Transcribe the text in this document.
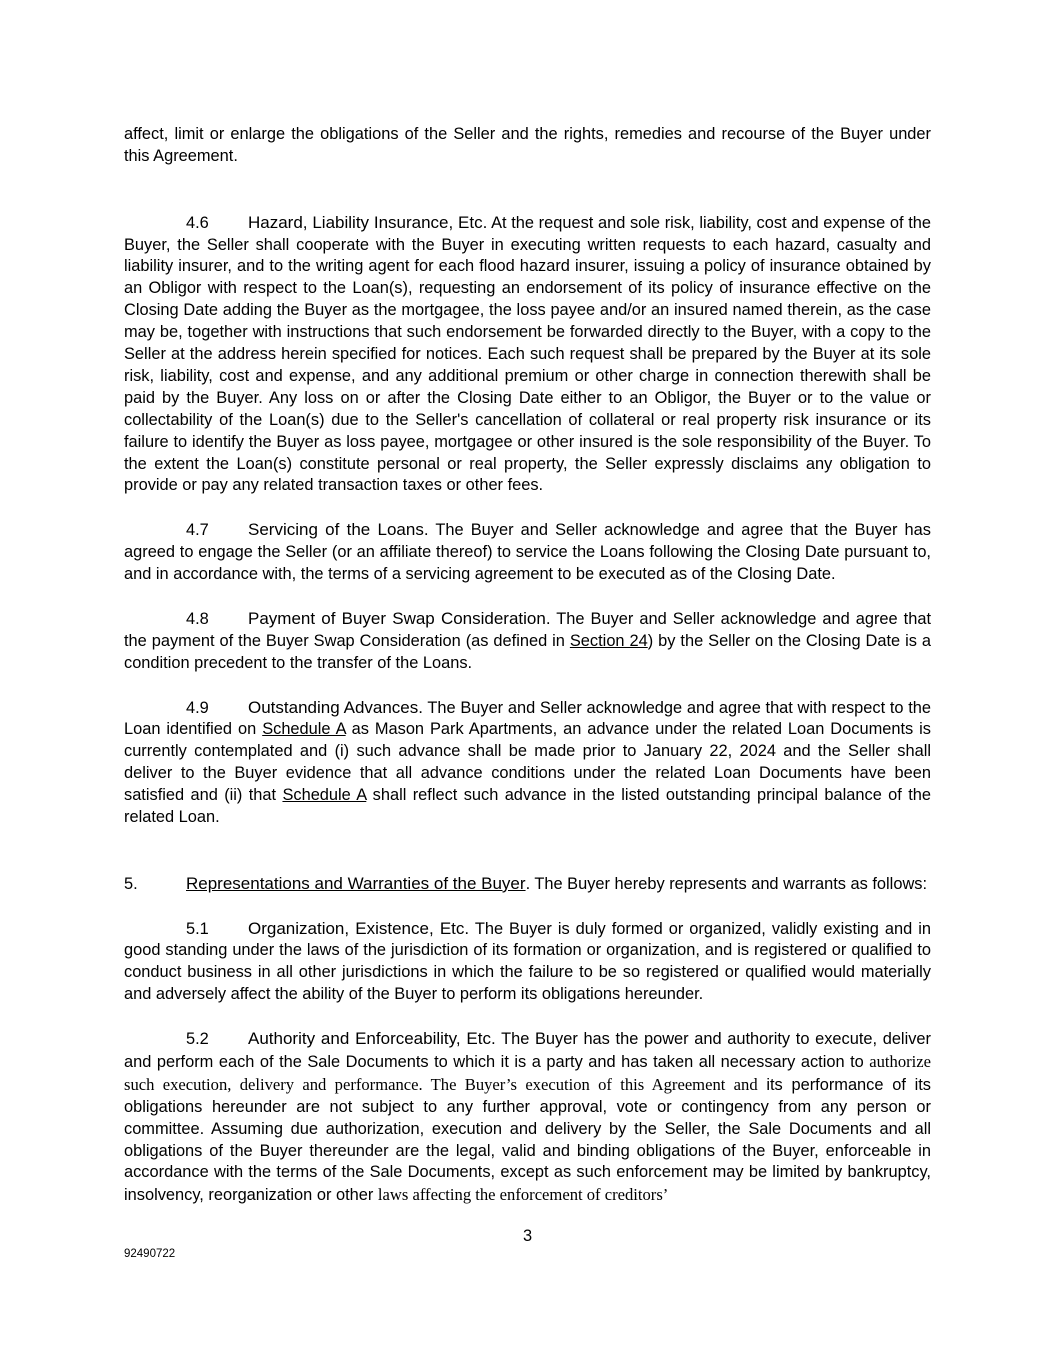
affect, limit or enlarge the obligations of the Seller and the rights, remedies and recourse of the Buyer under this Agreement.

4.6 Hazard, Liability Insurance, Etc. At the request and sole risk, liability, cost and expense of the Buyer, the Seller shall cooperate with the Buyer in executing written requests to each hazard, casualty and liability insurer, and to the writing agent for each flood hazard insurer, issuing a policy of insurance obtained by an Obligor with respect to the Loan(s), requesting an endorsement of its policy of insurance effective on the Closing Date adding the Buyer as the mortgagee, the loss payee and/or an insured named therein, as the case may be, together with instructions that such endorsement be forwarded directly to the Buyer, with a copy to the Seller at the address herein specified for notices. Each such request shall be prepared by the Buyer at its sole risk, liability, cost and expense, and any additional premium or other charge in connection therewith shall be paid by the Buyer. Any loss on or after the Closing Date either to an Obligor, the Buyer or to the value or collectability of the Loan(s) due to the Seller's cancellation of collateral or real property risk insurance or its failure to identify the Buyer as loss payee, mortgagee or other insured is the sole responsibility of the Buyer. To the extent the Loan(s) constitute personal or real property, the Seller expressly disclaims any obligation to provide or pay any related transaction taxes or other fees.

4.7 Servicing of the Loans. The Buyer and Seller acknowledge and agree that the Buyer has agreed to engage the Seller (or an affiliate thereof) to service the Loans following the Closing Date pursuant to, and in accordance with, the terms of a servicing agreement to be executed as of the Closing Date.

4.8 Payment of Buyer Swap Consideration. The Buyer and Seller acknowledge and agree that the payment of the Buyer Swap Consideration (as defined in Section 24) by the Seller on the Closing Date is a condition precedent to the transfer of the Loans.

4.9 Outstanding Advances. The Buyer and Seller acknowledge and agree that with respect to the Loan identified on Schedule A as Mason Park Apartments, an advance under the related Loan Documents is currently contemplated and (i) such advance shall be made prior to January 22, 2024 and the Seller shall deliver to the Buyer evidence that all advance conditions under the related Loan Documents have been satisfied and (ii) that Schedule A shall reflect such advance in the listed outstanding principal balance of the related Loan.

5.	Representations and Warranties of the Buyer. The Buyer hereby represents and warrants as follows:

5.1 Organization, Existence, Etc. The Buyer is duly formed or organized, validly existing and in good standing under the laws of the jurisdiction of its formation or organization, and is registered or qualified to conduct business in all other jurisdictions in which the failure to be so registered or qualified would materially and adversely affect the ability of the Buyer to perform its obligations hereunder.

5.2 Authority and Enforceability, Etc. The Buyer has the power and authority to execute, deliver and perform each of the Sale Documents to which it is a party and has taken all necessary action to authorize such execution, delivery and performance. The Buyer’s execution of this Agreement and its performance of its obligations hereunder are not subject to any further approval, vote or contingency from any person or committee. Assuming due authorization, execution and delivery by the Seller, the Sale Documents and all obligations of the Buyer thereunder are the legal, valid and binding obligations of the Buyer, enforceable in accordance with the terms of the Sale Documents, except as such enforcement may be limited by bankruptcy, insolvency, reorganization or other laws affecting the enforcement of creditors’

3
92490722
